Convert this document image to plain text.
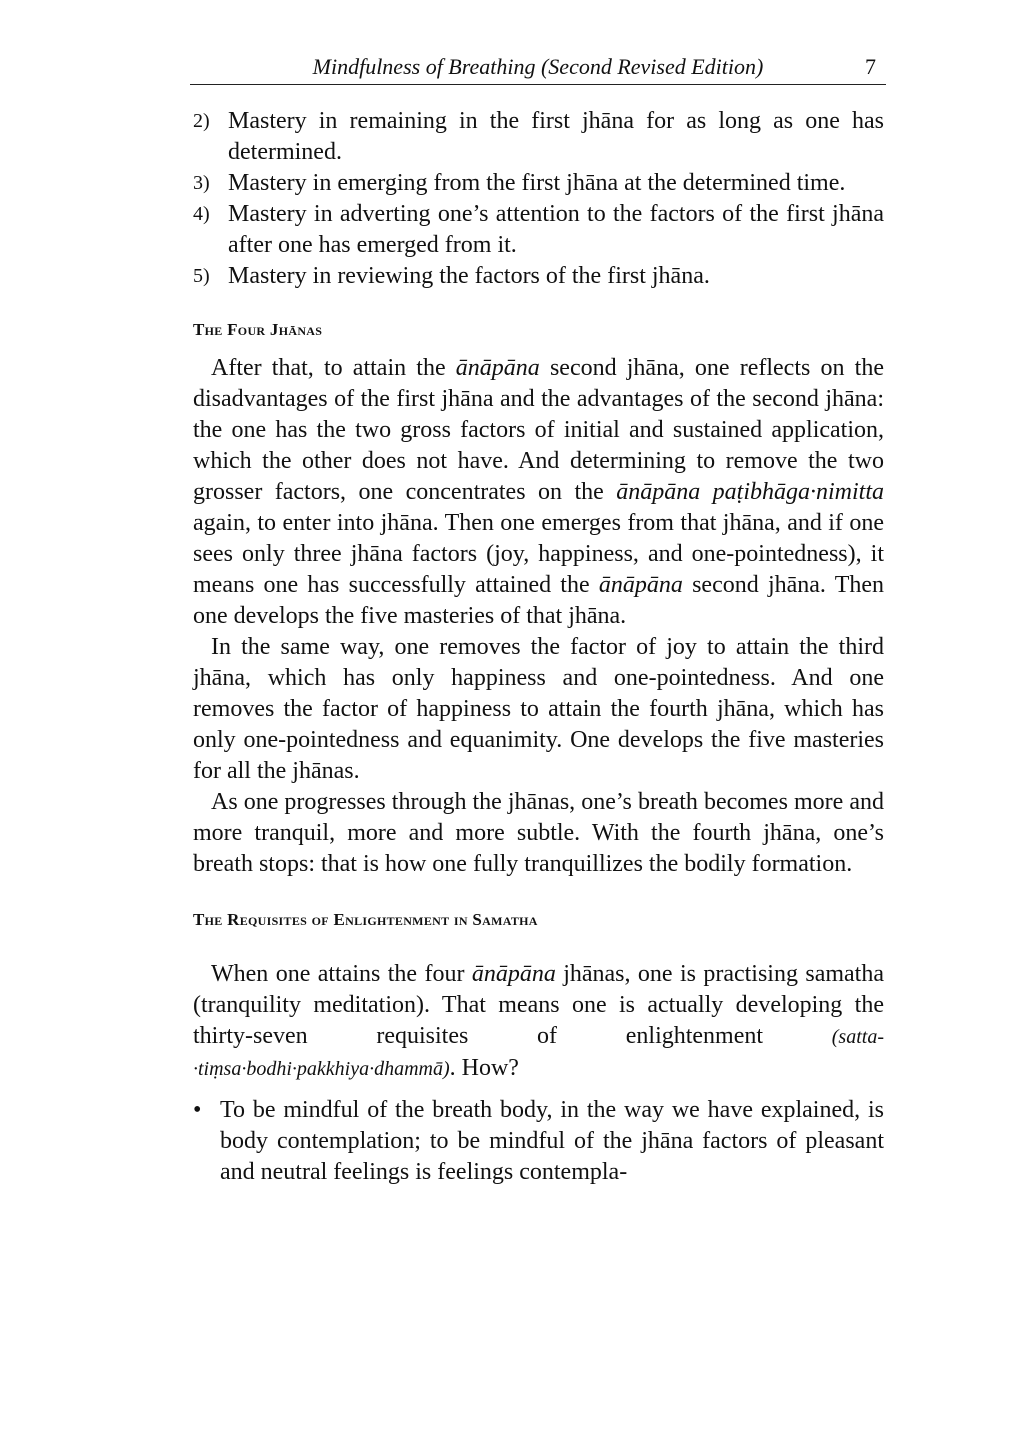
Mindfulness of Breathing (Second Revised Edition)	7
2) Mastery in remaining in the first jhāna for as long as one has determined.
3) Mastery in emerging from the first jhāna at the determined time.
4) Mastery in adverting one’s attention to the factors of the first jhāna after one has emerged from it.
5) Mastery in reviewing the factors of the first jhāna.
The Four Jhānas

After that, to attain the ānāpāna second jhāna, one reflects on the disadvantages of the first jhāna and the advantages of the second jhāna: the one has the two gross factors of initial and sustained application, which the other does not have. And determining to remove the two grosser factors, one concentrates on the ānāpāna paṭibhāga·nimitta again, to enter into jhāna. Then one emerges from that jhāna, and if one sees only three jhāna factors (joy, happiness, and one-pointedness), it means one has successfully attained the ānāpāna second jhāna. Then one develops the five masteries of that jhāna.

In the same way, one removes the factor of joy to attain the third jhāna, which has only happiness and one-pointedness. And one removes the factor of happiness to attain the fourth jhāna, which has only one-pointedness and equanimity. One develops the five masteries for all the jhānas.

As one progresses through the jhānas, one’s breath becomes more and more tranquil, more and more subtle. With the fourth jhāna, one’s breath stops: that is how one fully tranquillizes the bodily formation.

The Requisites of Enlightenment in Samatha

When one attains the four ānāpāna jhānas, one is practising samatha (tranquility meditation). That means one is actually developing the thirty-seven requisites of enlightenment (satta·tiṃsa·bodhi·pakkhiya·dhammā). How?

• To be mindful of the breath body, in the way we have explained, is body contemplation; to be mindful of the jhāna factors of pleasant and neutral feelings is feelings contempla-
